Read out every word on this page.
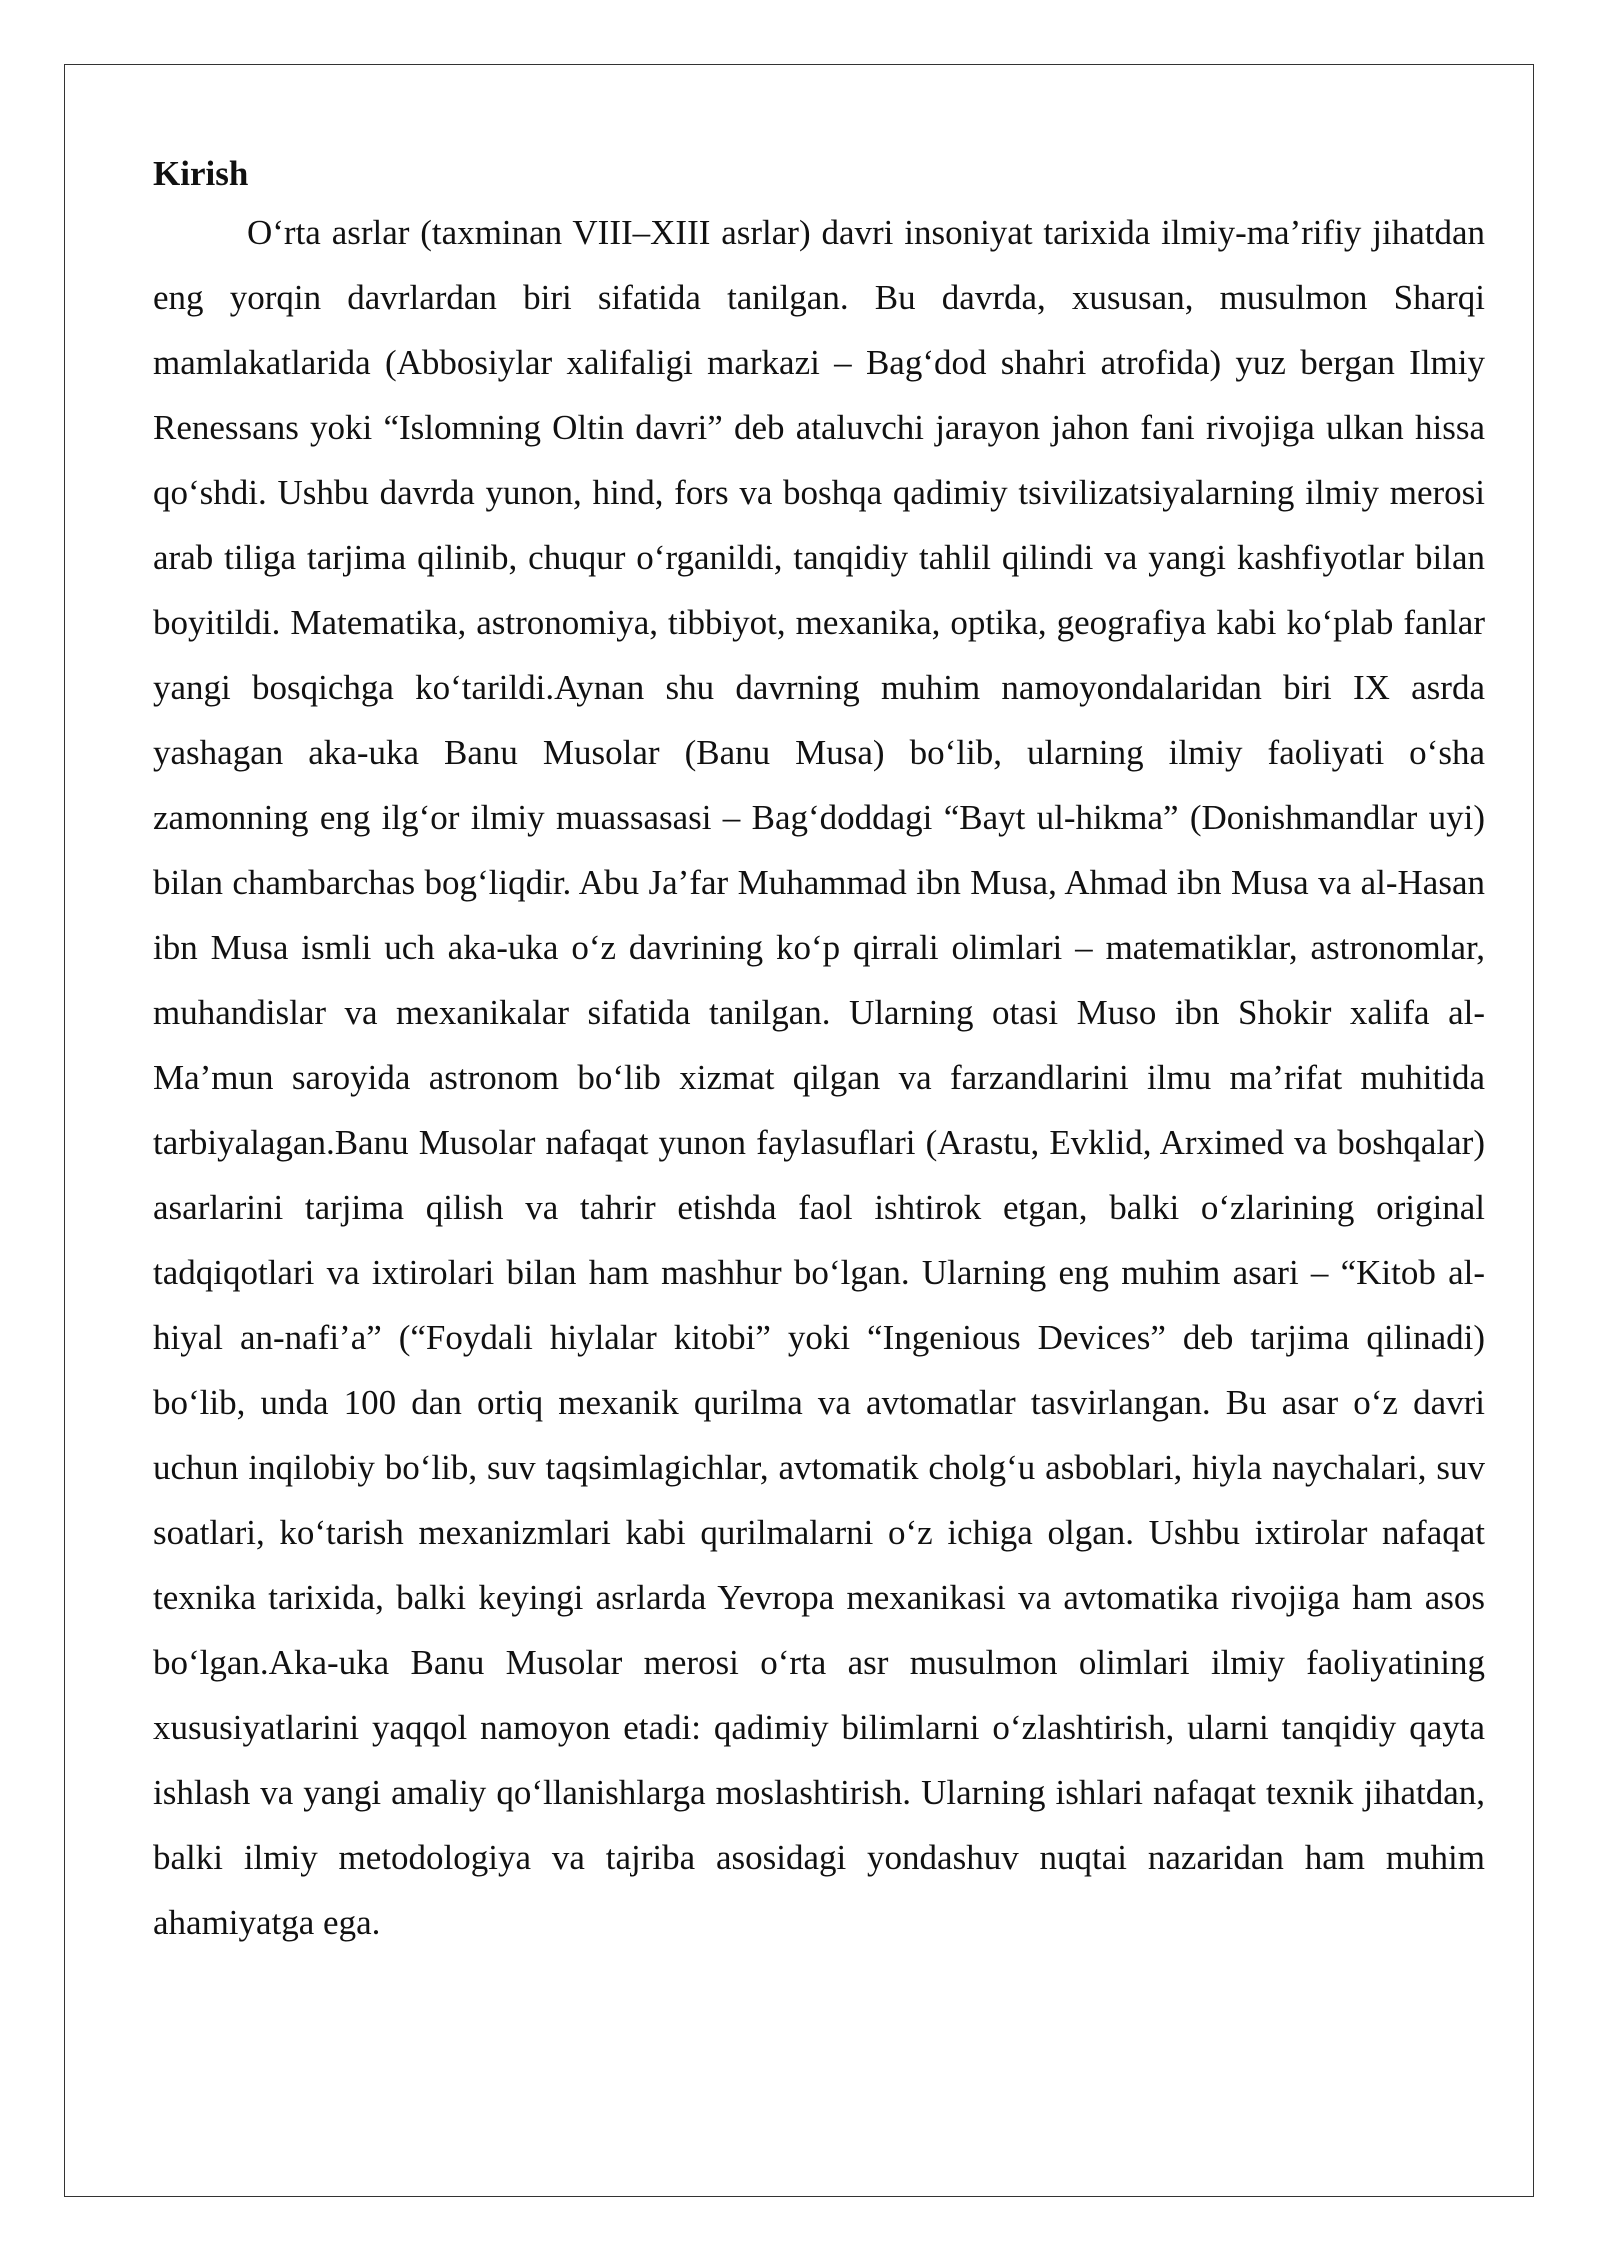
Kirish

O‘rta asrlar (taxminan VIII–XIII asrlar) davri insoniyat tarixida ilmiy-ma’rifiy jihatdan eng yorqin davrlardan biri sifatida tanilgan. Bu davrda, xususan, musulmon Sharqi mamlakatlarida (Abbosiylar xalifaligi markazi – Bag‘dod shahri atrofida) yuz bergan Ilmiy Renessans yoki “Islomning Oltin davri” deb ataluvchi jarayon jahon fani rivojiga ulkan hissa qo‘shdi. Ushbu davrda yunon, hind, fors va boshqa qadimiy tsivilizatsiyalarning ilmiy merosi arab tiliga tarjima qilinib, chuqur o‘rganildi, tanqidiy tahlil qilindi va yangi kashfiyotlar bilan boyitildi. Matematika, astronomiya, tibbiyot, mexanika, optika, geografiya kabi ko‘plab fanlar yangi bosqichga ko‘tarildi.Aynan shu davrning muhim namoyondalaridan biri IX asrda yashagan aka-uka Banu Musolar (Banu Musa) bo‘lib, ularning ilmiy faoliyati o‘sha zamonning eng ilg‘or ilmiy muassasasi – Bag‘doddagi “Bayt ul-hikma” (Donishmandlar uyi) bilan chambarchas bog‘liqdir. Abu Ja’far Muhammad ibn Musa, Ahmad ibn Musa va al-Hasan ibn Musa ismli uch aka-uka o‘z davrining ko‘p qirrali olimlari – matematiklar, astronomlar, muhandislar va mexanikalar sifatida tanilgan. Ularning otasi Muso ibn Shokir xalifa al-Ma’mun saroyida astronom bo‘lib xizmat qilgan va farzandlarini ilmu ma’rifat muhitida tarbiyalagan.Banu Musolar nafaqat yunon faylasuflari (Arastu, Evklid, Arximed va boshqalar) asarlarini tarjima qilish va tahrir etishda faol ishtirok etgan, balki o‘zlarining original tadqiqotlari va ixtirolari bilan ham mashhur bo‘lgan. Ularning eng muhim asari – “Kitob al-hiyal an-nafi’a” (“Foydali hiylalar kitobi” yoki “Ingenious Devices” deb tarjima qilinadi) bo‘lib, unda 100 dan ortiq mexanik qurilma va avtomatlar tasvirlangan. Bu asar o‘z davri uchun inqilobiy bo‘lib, suv taqsimlagichlar, avtomatik cholg‘u asboblari, hiyla naychalari, suv soatlari, ko‘tarish mexanizmlari kabi qurilmalarni o‘z ichiga olgan. Ushbu ixtirolar nafaqat texnika tarixida, balki keyingi asrlarda Yevropa mexanikasi va avtomatika rivojiga ham asos bo‘lgan.Aka-uka Banu Musolar merosi o‘rta asr musulmon olimlari ilmiy faoliyatining xususiyatlarini yaqqol namoyon etadi: qadimiy bilimlarni o‘zlashtirish, ularni tanqidiy qayta ishlash va yangi amaliy qo‘llanishlarga moslashtirish. Ularning ishlari nafaqat texnik jihatdan, balki ilmiy metodologiya va tajriba asosidagi yondashuv nuqtai nazaridan ham muhim ahamiyatga ega.
